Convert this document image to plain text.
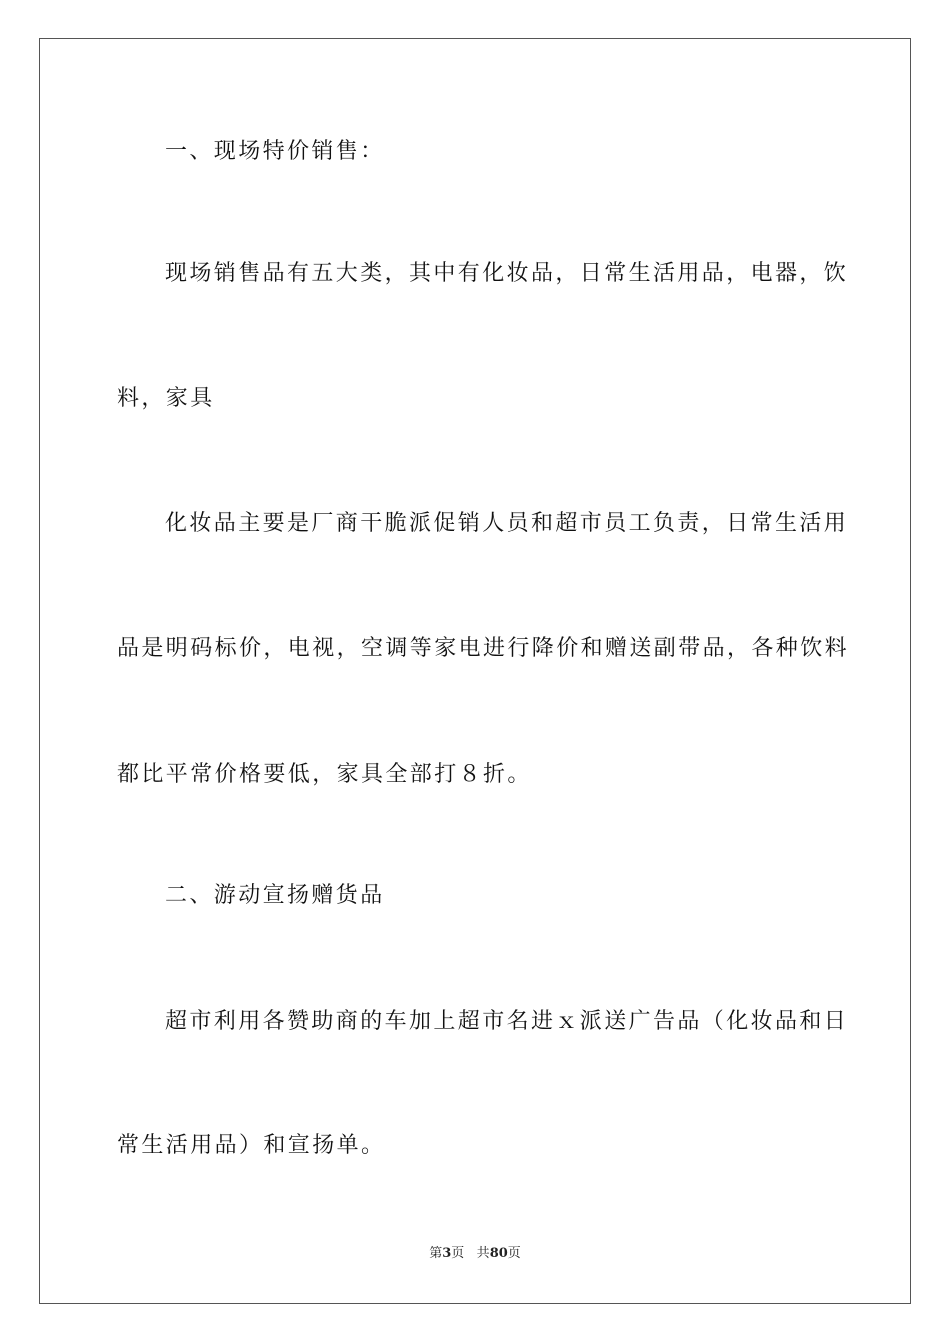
一、现场特价销售：
现场销售品有五大类，其中有化妆品，日常生活用品，电器，饮
料，家具
化妆品主要是厂商干脆派促销人员和超市员工负责，日常生活用
品是明码标价，电视，空调等家电进行降价和赠送副带品，各种饮料
都比平常价格要低，家具全部打８折。
二、游动宣扬赠货品
超市利用各赞助商的车加上超市名进ｘ派送广告品（化妆品和日
常生活用品）和宣扬单。
第3页 共80页
